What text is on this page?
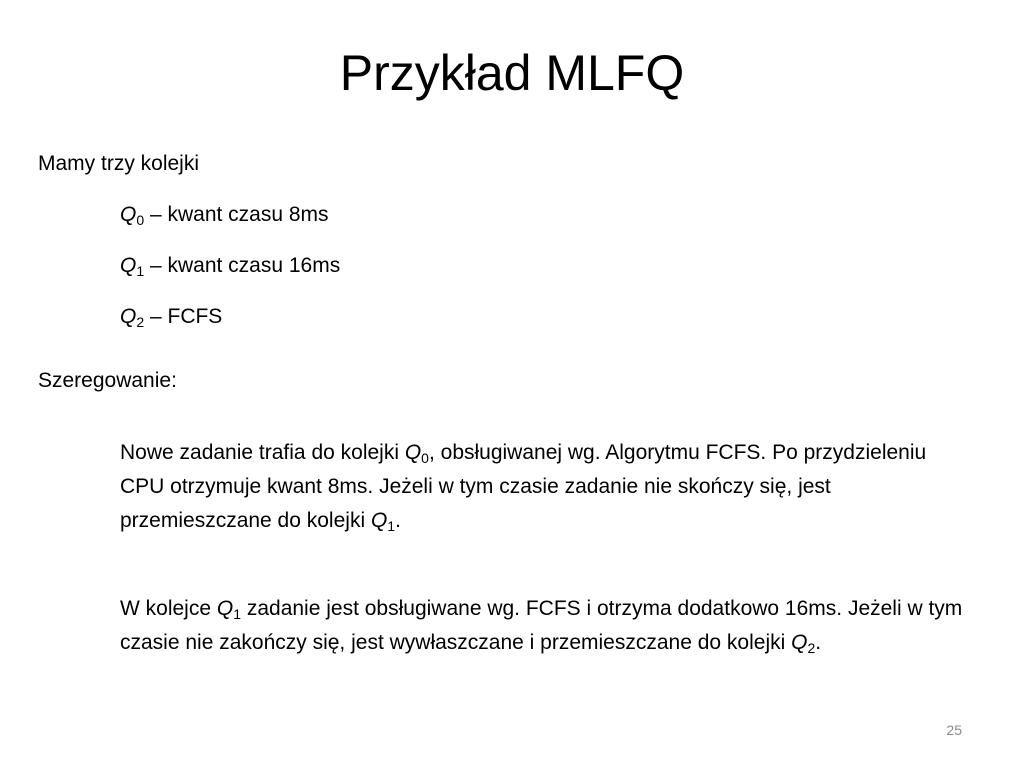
Przykład MLFQ

Mamy trzy kolejki

$Q_0$ – kwant czasu 8ms

$Q_1$ – kwant czasu 16ms

$Q_2$ – FCFS

Szeregowanie:

Nowe zadanie trafia do kolejki $Q_0$, obsługiwanej wg. Algorytmu FCFS. Po przydzieleniu CPU otrzymuje kwant 8ms. Jeżeli w tym czasie zadanie nie skończy się, jest przemieszczane do kolejki $Q_1$.

W kolejce $Q_1$ zadanie jest obsługiwane wg. FCFS i otrzyma dodatkowo 16ms. Jeżeli w tym czasie nie zakończy się, jest wywłaszczane i przemieszczane do kolejki $Q_2$.

25
